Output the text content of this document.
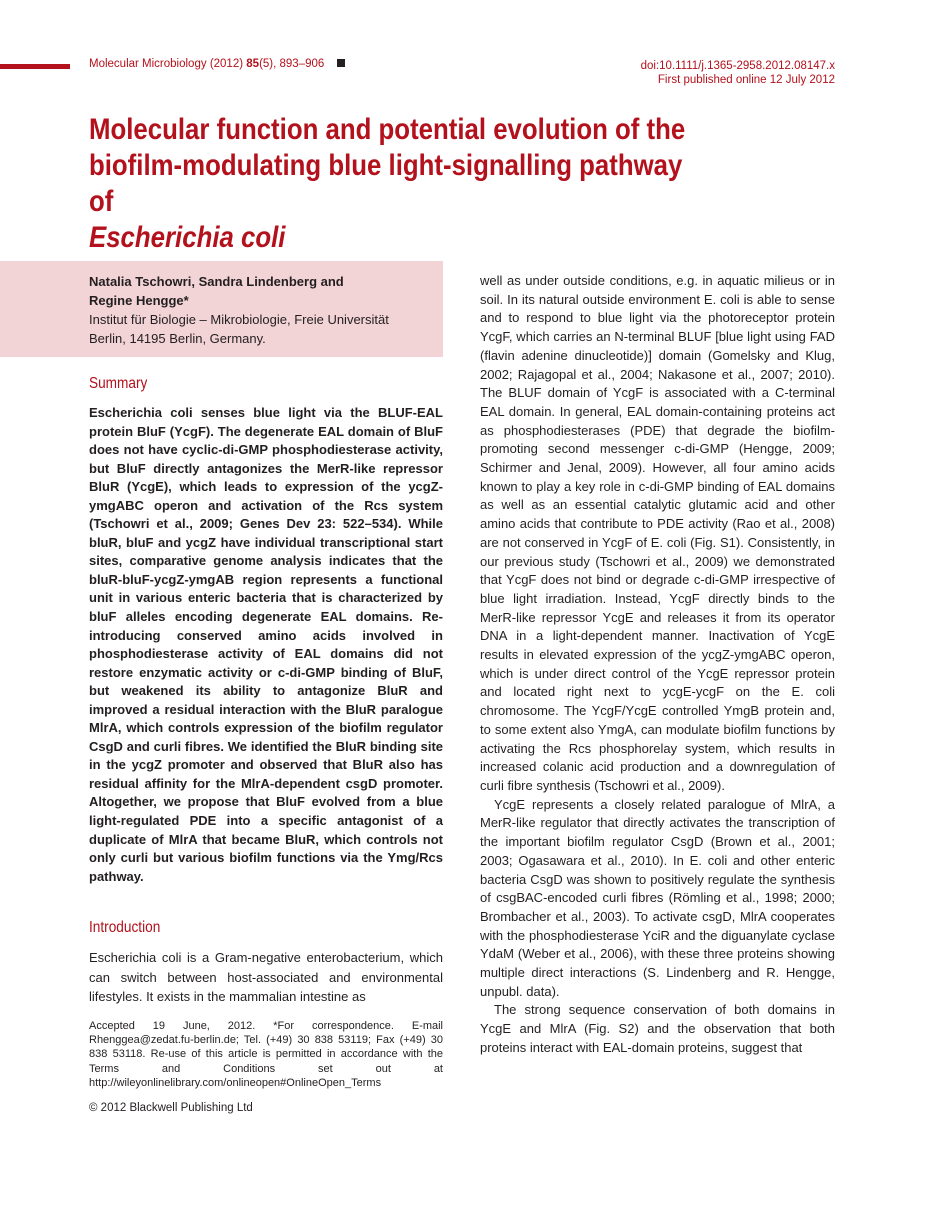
Molecular Microbiology (2012) 85(5), 893–906	doi:10.1111/j.1365-2958.2012.08147.x
First published online 12 July 2012
Molecular function and potential evolution of the
biofilm-modulating blue light-signalling pathway of
Escherichia coli
Natalia Tschowri, Sandra Lindenberg and
Regine Hengge*
Institut für Biologie – Mikrobiologie, Freie Universität
Berlin, 14195 Berlin, Germany.
Summary
Escherichia coli senses blue light via the BLUF-EAL protein BluF (YcgF). The degenerate EAL domain of BluF does not have cyclic-di-GMP phosphodiesterase activity, but BluF directly antagonizes the MerR-like repressor BluR (YcgE), which leads to expression of the ycgZ-ymgABC operon and activation of the Rcs system (Tschowri et al., 2009; Genes Dev 23: 522–534). While bluR, bluF and ycgZ have individual transcriptional start sites, comparative genome analysis indicates that the bluR-bluF-ycgZ-ymgAB region represents a functional unit in various enteric bacteria that is characterized by bluF alleles encoding degenerate EAL domains. Re-introducing conserved amino acids involved in phosphodiesterase activity of EAL domains did not restore enzymatic activity or c-di-GMP binding of BluF, but weakened its ability to antagonize BluR and improved a residual interaction with the BluR paralogue MlrA, which controls expression of the biofilm regulator CsgD and curli fibres. We identified the BluR binding site in the ycgZ promoter and observed that BluR also has residual affinity for the MlrA-dependent csgD promoter. Altogether, we propose that BluF evolved from a blue light-regulated PDE into a specific antagonist of a duplicate of MlrA that became BluR, which controls not only curli but various biofilm functions via the Ymg/Rcs pathway.
Introduction
Escherichia coli is a Gram-negative enterobacterium, which can switch between host-associated and environmental lifestyles. It exists in the mammalian intestine as
Accepted 19 June, 2012. *For correspondence. E-mail Rhenggea@zedat.fu-berlin.de; Tel. (+49) 30 838 53119; Fax (+49) 30 838 53118. Re-use of this article is permitted in accordance with the Terms and Conditions set out at http://wileyonlinelibrary.com/onlineopen#OnlineOpen_Terms
© 2012 Blackwell Publishing Ltd

well as under outside conditions, e.g. in aquatic milieus or in soil. In its natural outside environment E. coli is able to sense and to respond to blue light via the photoreceptor protein YcgF, which carries an N-terminal BLUF [blue light using FAD (flavin adenine dinucleotide)] domain (Gomelsky and Klug, 2002; Rajagopal et al., 2004; Nakasone et al., 2007; 2010). The BLUF domain of YcgF is associated with a C-terminal EAL domain. In general, EAL domain-containing proteins act as phosphodiesterases (PDE) that degrade the biofilm-promoting second messenger c-di-GMP (Hengge, 2009; Schirmer and Jenal, 2009). However, all four amino acids known to play a key role in c-di-GMP binding of EAL domains as well as an essential catalytic glutamic acid and other amino acids that contribute to PDE activity (Rao et al., 2008) are not conserved in YcgF of E. coli (Fig. S1). Consistently, in our previous study (Tschowri et al., 2009) we demonstrated that YcgF does not bind or degrade c-di-GMP irrespective of blue light irradiation. Instead, YcgF directly binds to the MerR-like repressor YcgE and releases it from its operator DNA in a light-dependent manner. Inactivation of YcgE results in elevated expression of the ycgZ-ymgABC operon, which is under direct control of the YcgE repressor protein and located right next to ycgE-ycgF on the E. coli chromosome. The YcgF/YcgE controlled YmgB protein and, to some extent also YmgA, can modulate biofilm functions by activating the Rcs phosphorelay system, which results in increased colanic acid production and a downregulation of curli fibre synthesis (Tschowri et al., 2009).

YcgE represents a closely related paralogue of MlrA, a MerR-like regulator that directly activates the transcription of the important biofilm regulator CsgD (Brown et al., 2001; 2003; Ogasawara et al., 2010). In E. coli and other enteric bacteria CsgD was shown to positively regulate the synthesis of csgBAC-encoded curli fibres (Römling et al., 1998; 2000; Brombacher et al., 2003). To activate csgD, MlrA cooperates with the phosphodiesterase YciR and the diguanylate cyclase YdaM (Weber et al., 2006), with these three proteins showing multiple direct interactions (S. Lindenberg and R. Hengge, unpubl. data).

The strong sequence conservation of both domains in YcgE and MlrA (Fig. S2) and the observation that both proteins interact with EAL-domain proteins, suggest that
